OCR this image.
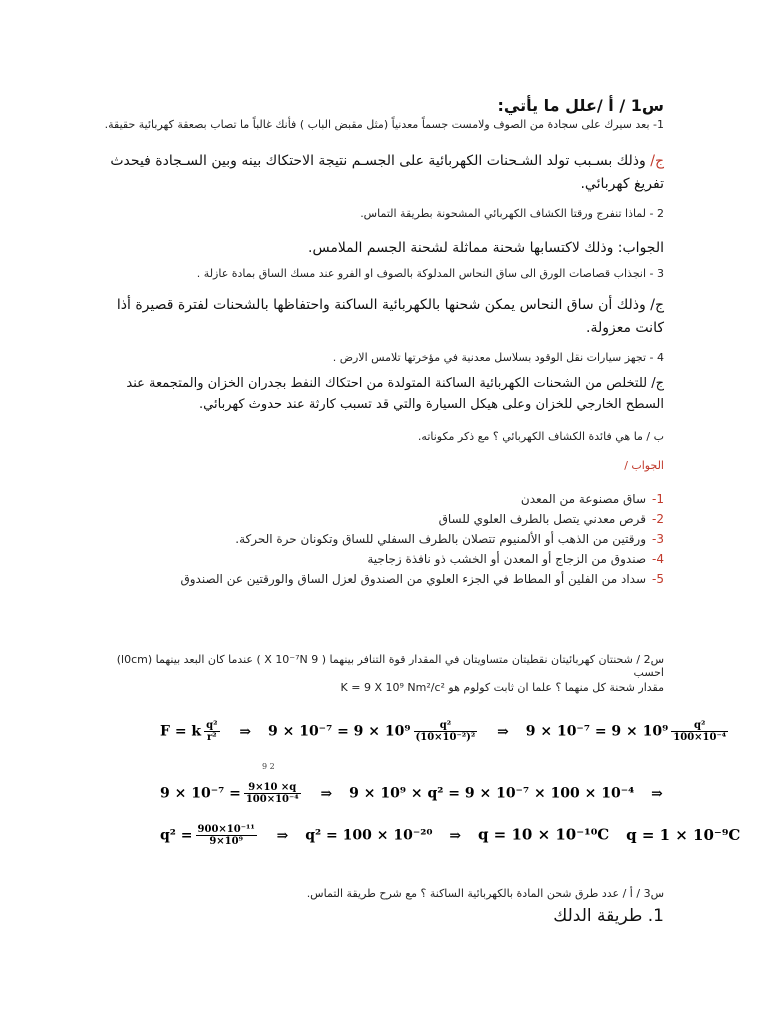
س1 / أ /علل ما يأتي:
1- بعد سيرك على سجادة من الصوف ولامست جسماً معدنياً (مثل مقبض الباب ) فأنك غالباً ما تصاب بصعقة كهربائية حقيقة.
ج/ وذلك بسـبب تولد الشـحنات الكهربائية على الجسـم نتيجة الاحتكاك بينه وبين السـجادة فيحدث تفريغ كهربائي.
2 - لماذا تنفرج ورقتا الكشاف الكهربائي المشحونة بطريقة التماس.
الجواب: وذلك لاكتسابها شحنة مماثلة لشحنة الجسم الملامس.
3 - انجذاب قصاصات الورق الى ساق النحاس المدلوكة بالصوف او الفرو عند مسك الساق بمادة عازلة .
ج/ وذلك أن ساق النحاس يمكن شحنها بالكهربائية الساكنة واحتفاظها بالشحنات لفترة قصيرة أذا كانت معزولة.
4 - تجهز سيارات نقل الوقود بسلاسل معدنية في مؤخرتها تلامس الارض .
ج/ للتخلص من الشحنات الكهربائية الساكنة المتولدة من احتكاك النفط بجدران الخزان والمتجمعة عند السطح الخارجي للخزان وعلى هيكل السيارة والتي قد تسبب كارثة عند حدوث كهربائي.
ب / ما هي فائدة الكشاف الكهربائي ؟ مع ذكر مكوناته.
الجواب /
1-ساق مصنوعة من المعدن
2-قرص معدني يتصل بالطرف العلوي للساق
3-ورقتين من الذهب أو الألمنيوم تتصلان بالطرف السفلي للساق وتكونان حرة الحركة.
4-صندوق من الزجاج أو المعدن أو الخشب ذو نافذة زجاجية
5-سداد من الفلين أو المطاط في الجزء العلوي من الصندوق لعزل الساق والورقتين عن الصندوق
س2 / شحنتان كهربائيتان نقطيتان متساويتان في المقدار قوة التنافر بينهما ( 9 X 10⁻⁷N ) عندما كان البعد بينهما (l0cm) احسب
مقدار شحنة كل منهما ؟ علما ان ثابت كولوم هو K = 9 X 10⁹ Nm²/c²
F = k $\frac{\text{q²}}{\text{r²}}$ ⇒ $9 \times 10^{-7} = 9 \times 10^9 \frac{\text{q²}}{\text{(10×10⁻²)²}}$ ⇒ $9 \times 10^{-7} = 9 \times 10^9 \frac{\text{q²}}{\text{100×10⁻⁴}}$
9 2
$9 \times 10^{-7} = \frac{9\times 10 \times q}{\text{100×10⁻⁴}}$ ⇒ 9 × 10⁹ × q² = 9 × 10⁻⁷ × 100 × 10⁻⁴ ⇒
$q^2 = \frac{\text{900×10⁻¹¹}}{\text{9×10⁹}}$ ⇒ q² = 100 × 10⁻²⁰ ⇒ q = 10 × 10⁻¹⁰C q = 1 × 10⁻⁹C
س3 / أ / عدد طرق شحن المادة بالكهربائية الساكنة ؟ مع شرح طريقة التماس.
1. طريقة الدلك
